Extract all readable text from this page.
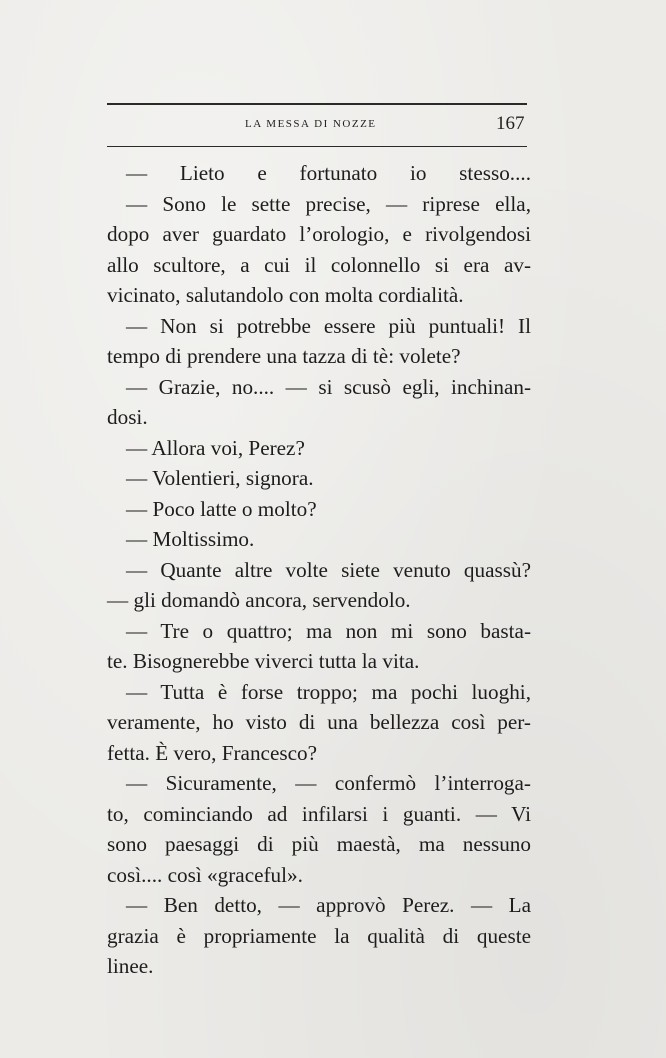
LA MESSA DI NOZZE	167
— Lieto e fortunato io stesso....
— Sono le sette precise, — riprese ella,
dopo aver guardato l’orologio, e rivolgendosi
allo scultore, a cui il colonnello si era av-
vicinato, salutandolo con molta cordialità.
— Non si potrebbe essere più puntuali! Il
tempo di prendere una tazza di tè: volete?
— Grazie, no.... — si scusò egli, inchinan-
dosi.
— Allora voi, Perez?
— Volentieri, signora.
— Poco latte o molto?
— Moltissimo.
— Quante altre volte siete venuto quassù?
— gli domandò ancora, servendolo.
— Tre o quattro; ma non mi sono basta-
te. Bisognerebbe viverci tutta la vita.
— Tutta è forse troppo; ma pochi luoghi,
veramente, ho visto di una bellezza così per-
fetta. È vero, Francesco?
— Sicuramente, — confermò l’interroga-
to, cominciando ad infilarsi i guanti. — Vi
sono paesaggi di più maestà, ma nessuno
così.... così «graceful».
— Ben detto, — approvò Perez. — La
grazia è propriamente la qualità di queste
linee.
